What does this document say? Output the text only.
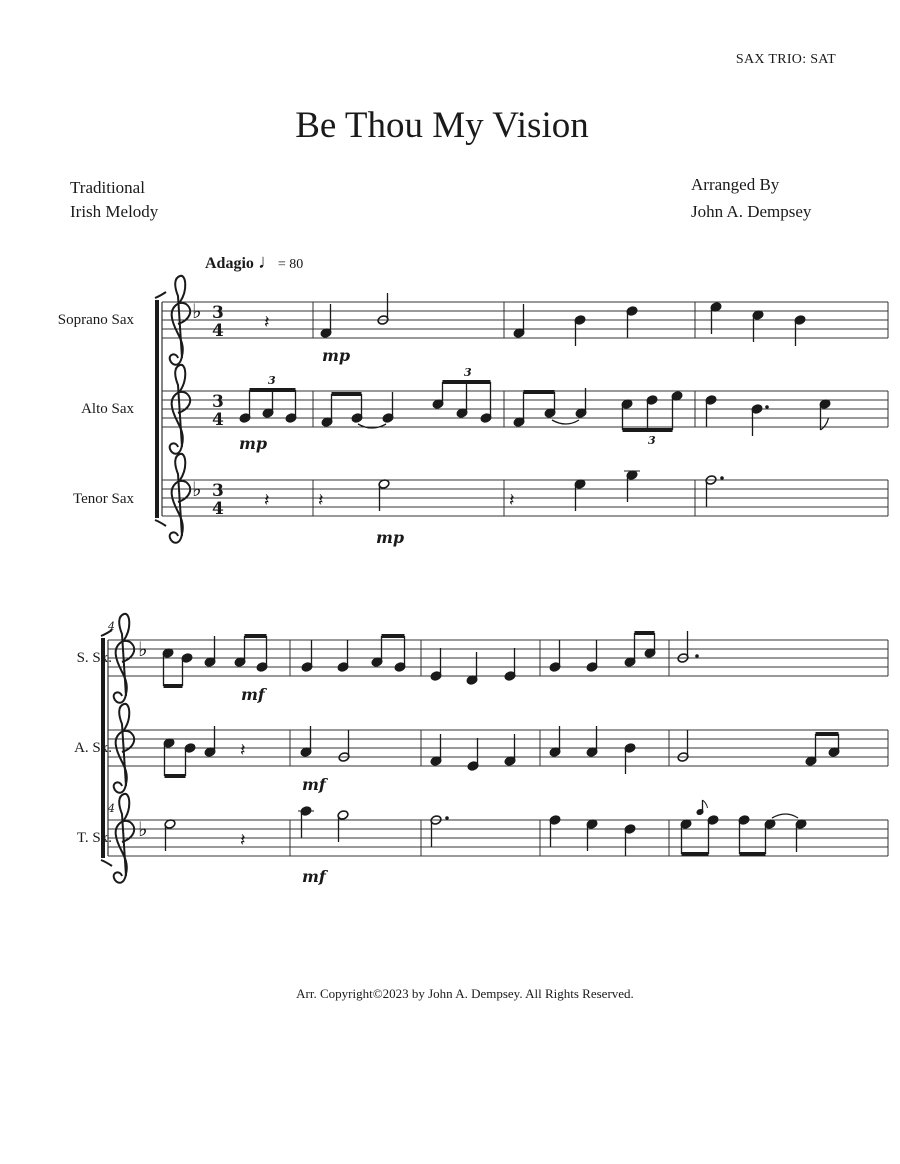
SAX TRIO: SAT
Be Thou My Vision
Traditional
Irish Melody
Arranged By
John A. Dempsey
Adagio ♩= 80
Soprano Sax
Alto Sax
Tenor Sax
S. Sx.
A. Sx.
T. Sx.
♭
♭
3
4
3
4
3
4
𝄽
3
3
3
𝄽	𝄽	𝄽
mp
mp
mp
4
4
♭
♭
𝄽
𝄽
mf
mf
mf
Arr. Copyright©2023 by John A. Dempsey. All Rights Reserved.
